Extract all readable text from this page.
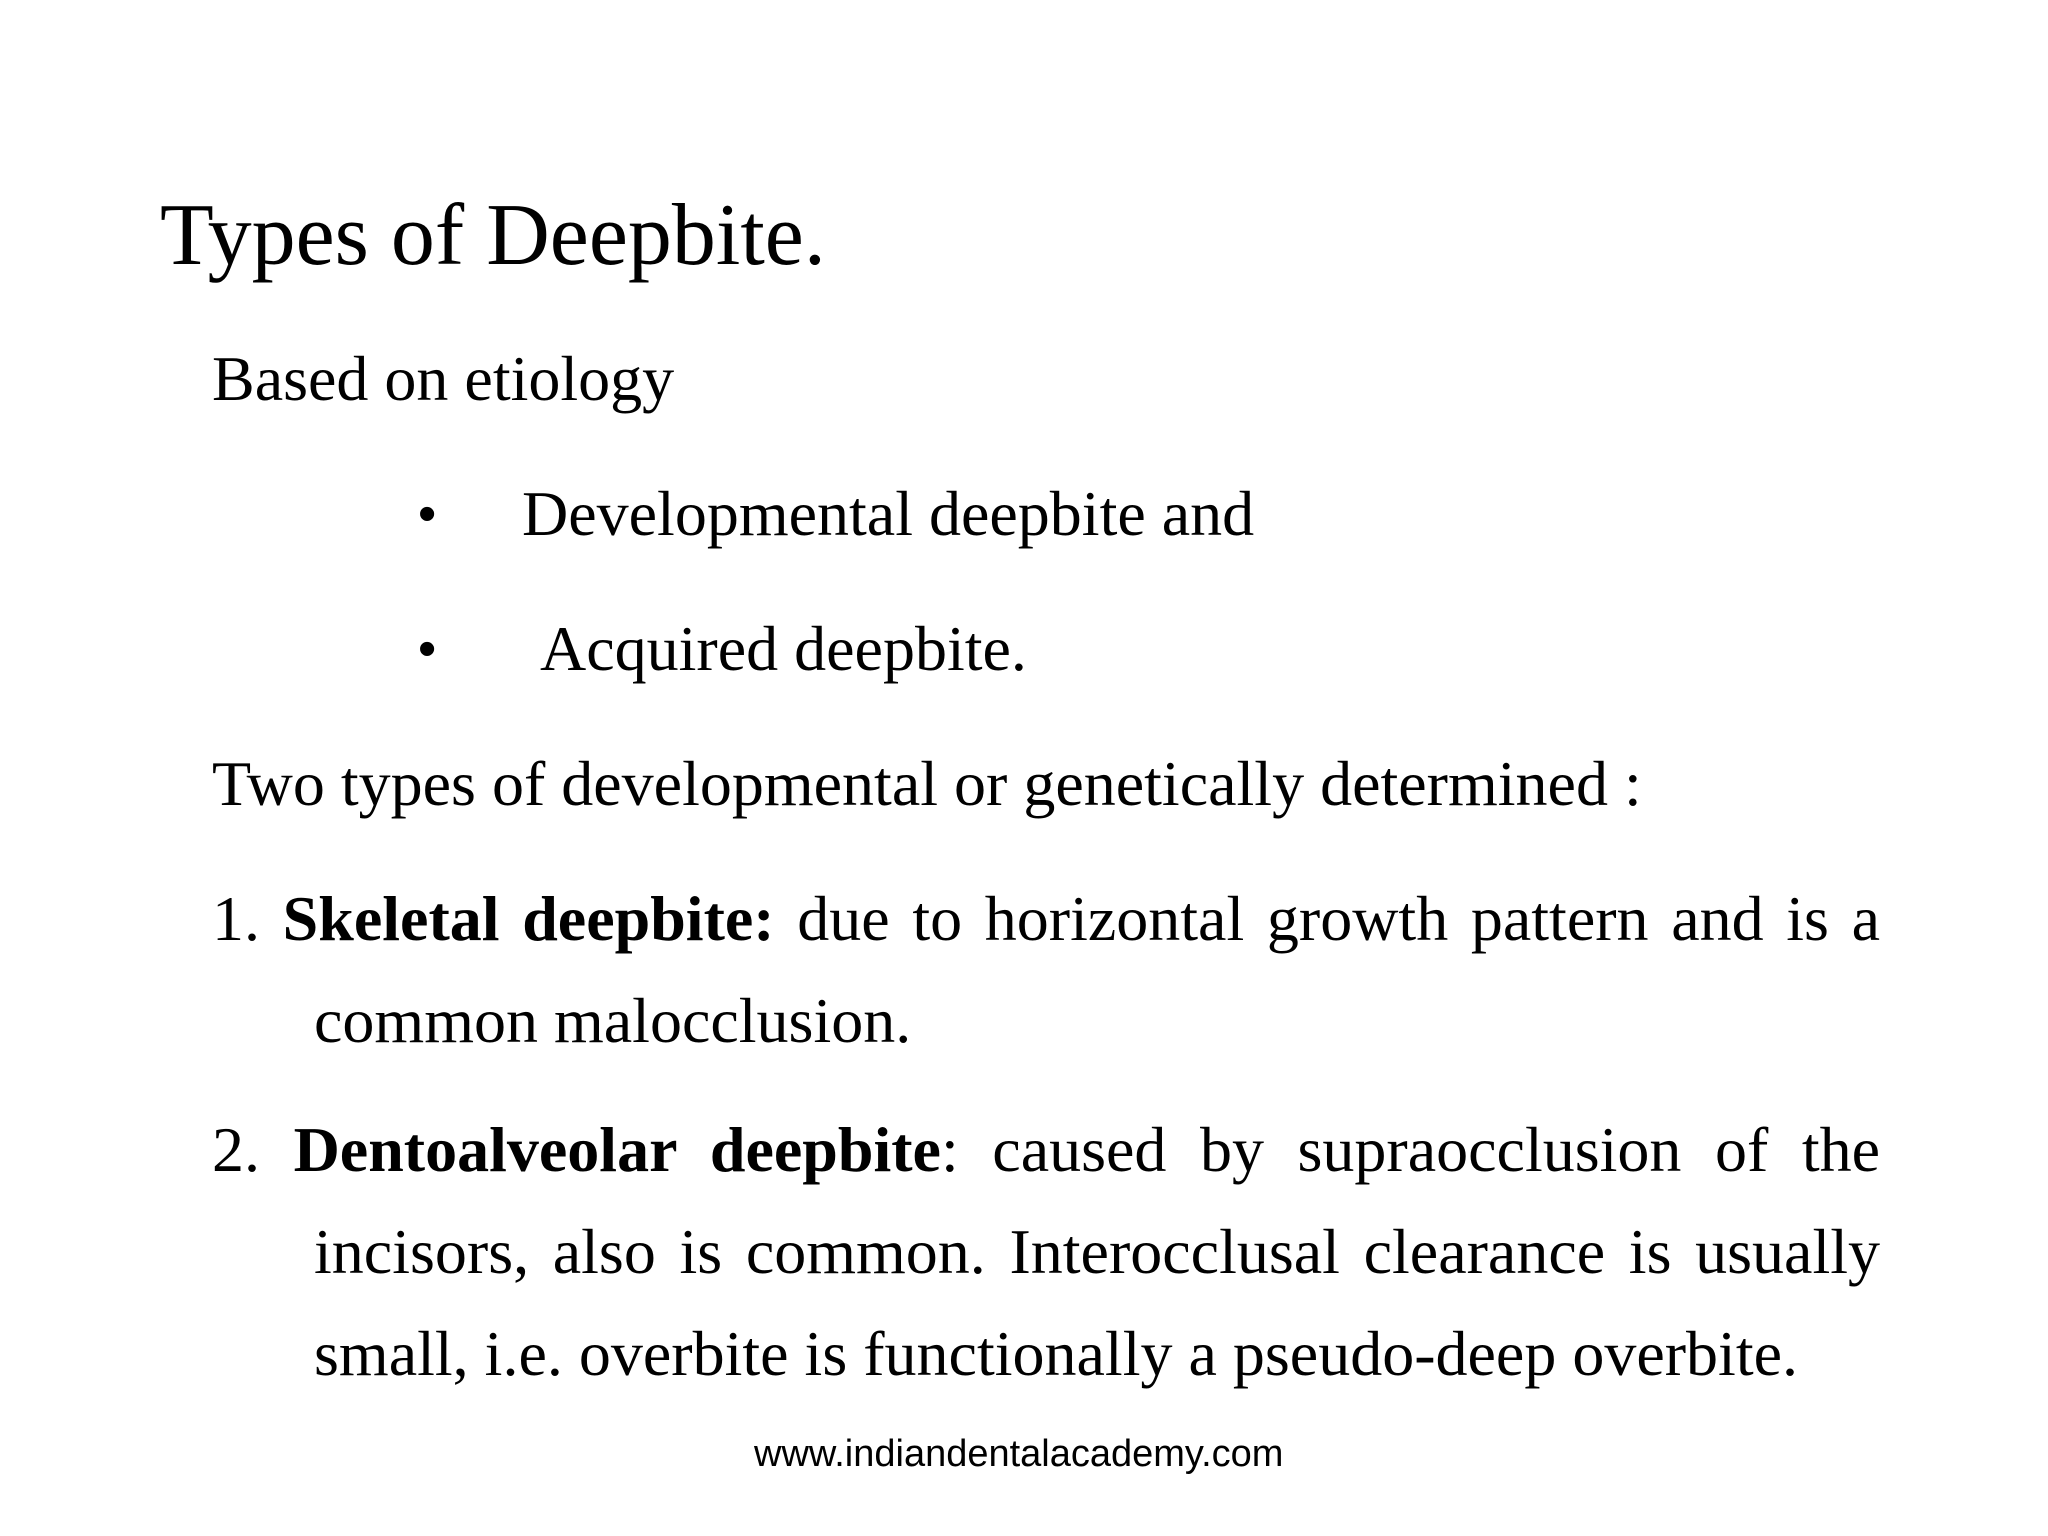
Types of Deepbite.
Based on etiology
• Developmental deepbite and
• Acquired deepbite.
Two types of developmental or genetically determined :
1. Skeletal deepbite: due to horizontal growth pattern and is a common malocclusion.
2. Dentoalveolar deepbite: caused by supraocclusion of the incisors, also is common. Interocclusal clearance is usually small, i.e. overbite is functionally a pseudo-deep overbite.
www.indiandentalacademy.com
